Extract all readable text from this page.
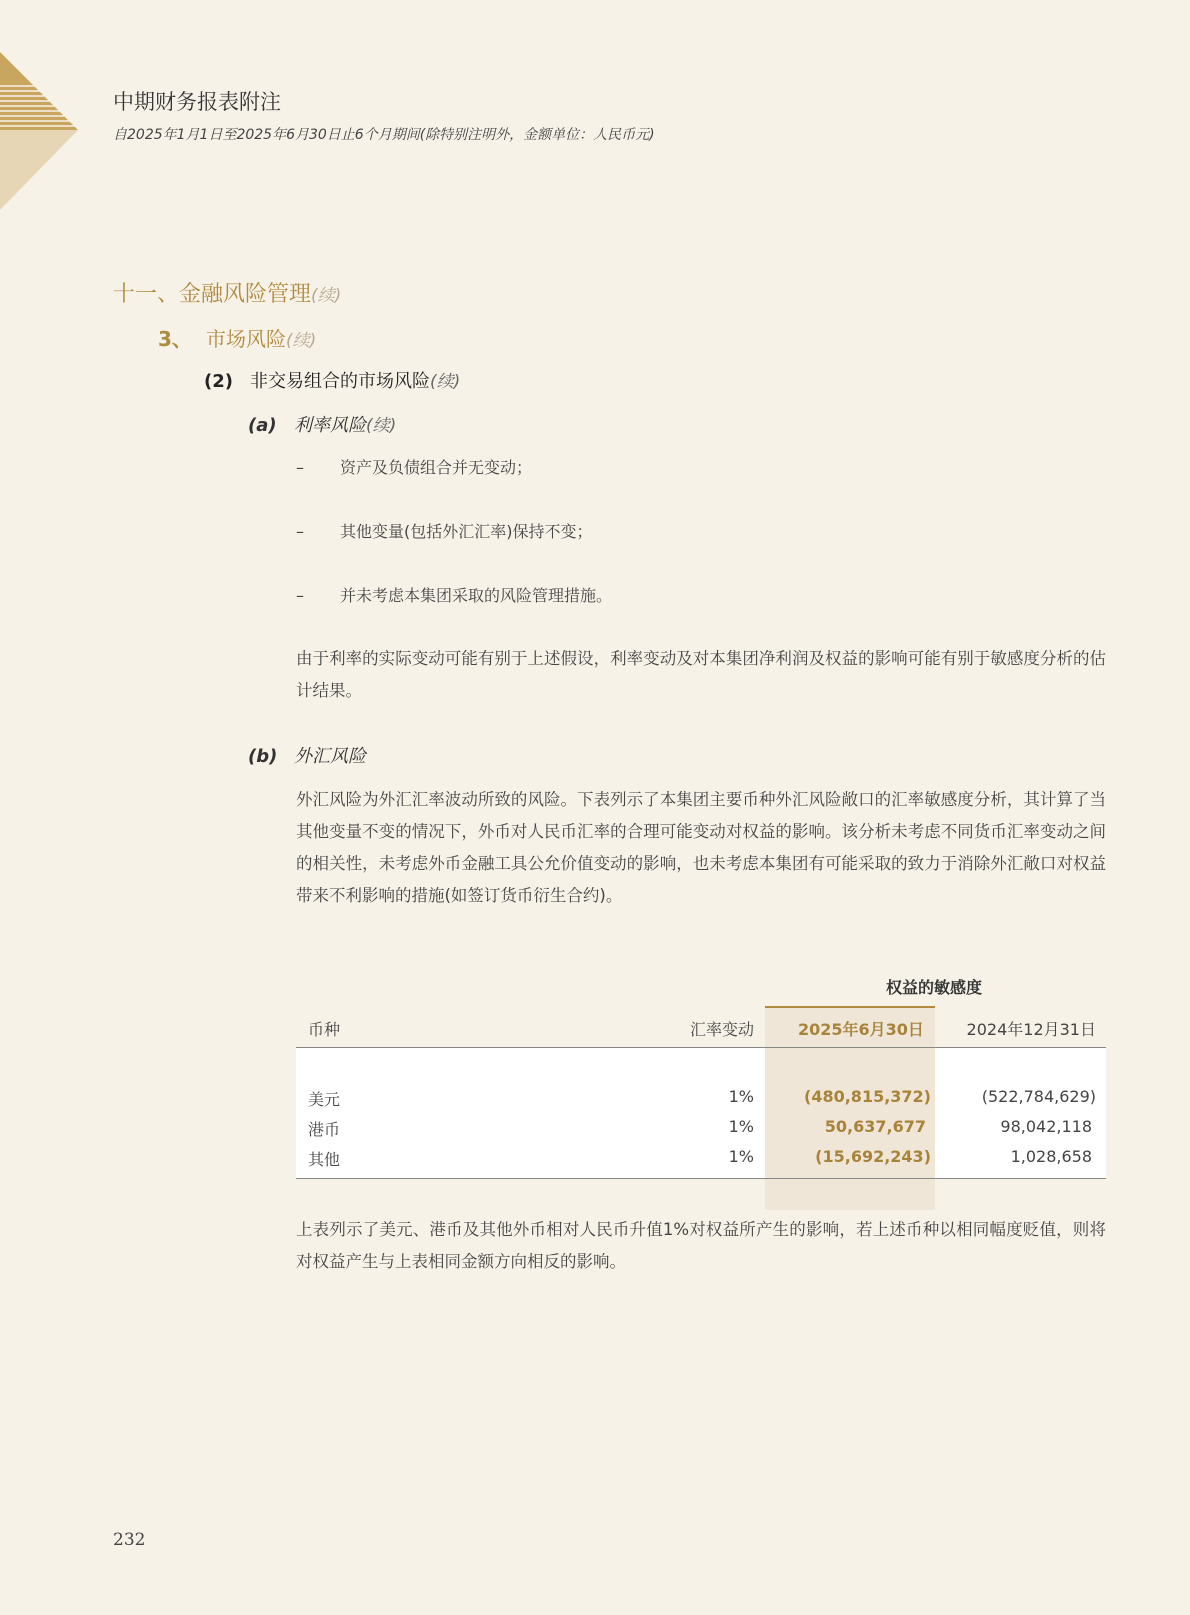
中期财务报表附注
自2025年1月1日至2025年6月30日止6个月期间(除特别注明外，金额单位：人民币元)
十一、金融风险管理(续)
3、 市场风险(续)
(2) 非交易组合的市场风险(续)
(a) 利率风险(续)
– 资产及负债组合并无变动；
– 其他变量(包括外汇汇率)保持不变；
– 并未考虑本集团采取的风险管理措施。
由于利率的实际变动可能有别于上述假设，利率变动及对本集团净利润及权益的影响可能有别于敏感度分析的估计结果。
(b) 外汇风险
外汇风险为外汇汇率波动所致的风险。下表列示了本集团主要币种外汇风险敞口的汇率敏感度分析，其计算了当其他变量不变的情况下，外币对人民币汇率的合理可能变动对权益的影响。该分析未考虑不同货币汇率变动之间的相关性，未考虑外币金融工具公允价值变动的影响，也未考虑本集团有可能采取的致力于消除外汇敞口对权益带来不利影响的措施(如签订货币衍生合约)。
权益的敏感度
币种	汇率变动	2025年6月30日	2024年12月31日
美元	1%	(480,815,372)	(522,784,629)
港币	1%	50,637,677	98,042,118
其他	1%	(15,692,243)	1,028,658
上表列示了美元、港币及其他外币相对人民币升值1%对权益所产生的影响，若上述币种以相同幅度贬值，则将对权益产生与上表相同金额方向相反的影响。
232
